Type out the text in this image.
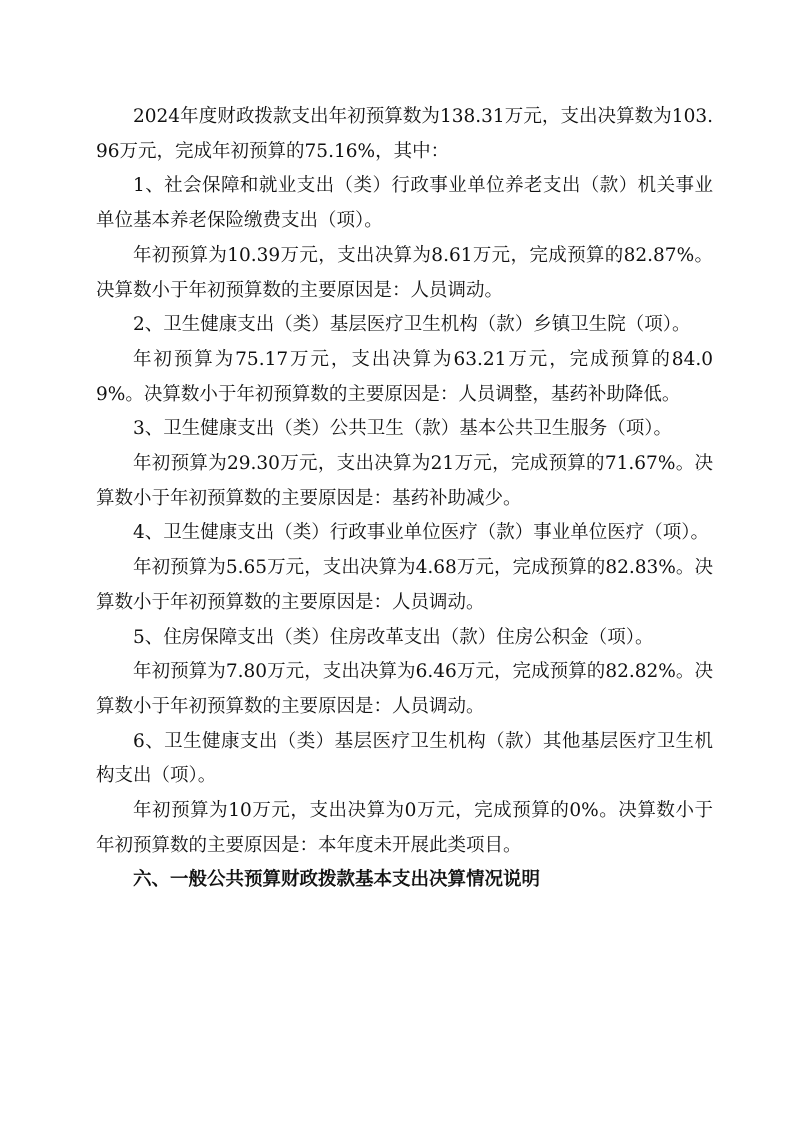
2024年度财政拨款支出年初预算数为138.31万元，支出决算数为103.96万元，完成年初预算的75.16%，其中：

1、社会保障和就业支出（类）行政事业单位养老支出（款）机关事业单位基本养老保险缴费支出（项）。

年初预算为10.39万元，支出决算为8.61万元，完成预算的82.87%。决算数小于年初预算数的主要原因是：人员调动。

2、卫生健康支出（类）基层医疗卫生机构（款）乡镇卫生院（项）。

年初预算为75.17万元，支出决算为63.21万元，完成预算的84.09%。决算数小于年初预算数的主要原因是：人员调整，基药补助降低。

3、卫生健康支出（类）公共卫生（款）基本公共卫生服务（项）。

年初预算为29.30万元，支出决算为21万元，完成预算的71.67%。决算数小于年初预算数的主要原因是：基药补助减少。

4、卫生健康支出（类）行政事业单位医疗（款）事业单位医疗（项）。

年初预算为5.65万元，支出决算为4.68万元，完成预算的82.83%。决算数小于年初预算数的主要原因是：人员调动。

5、住房保障支出（类）住房改革支出（款）住房公积金（项）。

年初预算为7.80万元，支出决算为6.46万元，完成预算的82.82%。决算数小于年初预算数的主要原因是：人员调动。

6、卫生健康支出（类）基层医疗卫生机构（款）其他基层医疗卫生机构支出（项）。

年初预算为10万元，支出决算为0万元，完成预算的0%。决算数小于年初预算数的主要原因是：本年度未开展此类项目。

六、一般公共预算财政拨款基本支出决算情况说明
